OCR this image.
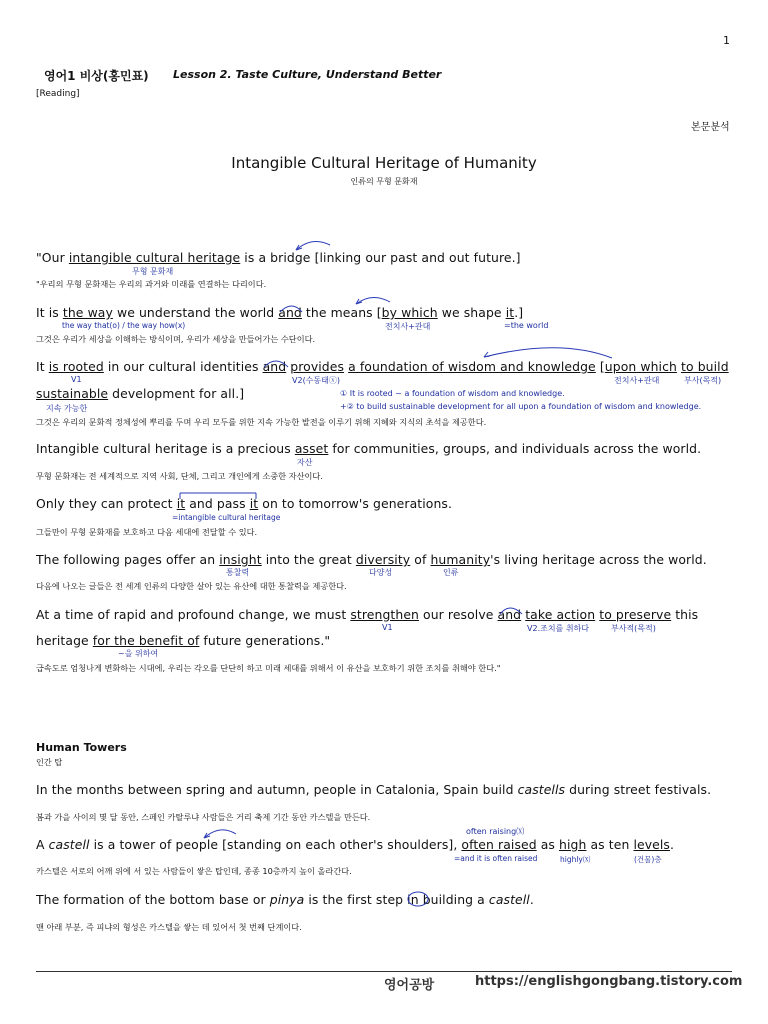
1
영어1 비상(홍민표) Lesson 2. Taste Culture, Understand Better
[Reading]
본문분석
Intangible Cultural Heritage of Humanity
인류의 무형 문화재
"Our intangible cultural heritage is a bridge [linking our past and out future.]
무형 문화재
"우리의 무형 문화재는 우리의 과거와 미래를 연결하는 다리이다.
It is the way we understand the world and the means [by which we shape it.]
the way that(o) / the way how(x)	전치사+관대	=the world
그것은 우리가 세상을 이해하는 방식이며, 우리가 세상을 만들어가는 수단이다.
It is rooted in our cultural identities and provides a foundation of wisdom and knowledge [upon which to build
V1	V2(수동태ⓧ)	전치사+관대	부사(목적)
sustainable development for all.]	① It is rooted ~ a foundation of wisdom and knowledge.
지속 가능한	+② to build sustainable development for all upon a foundation of wisdom and knowledge.
그것은 우리의 문화적 정체성에 뿌리를 두며 우리 모두를 위한 지속 가능한 발전을 이루기 위해 지혜와 지식의 초석을 제공한다.
Intangible cultural heritage is a precious asset for communities, groups, and individuals across the world.
자산
무형 문화재는 전 세계적으로 지역 사회, 단체, 그리고 개인에게 소중한 자산이다.
Only they can protect it and pass it on to tomorrow's generations.
=intangible cultural heritage
그들만이 무형 문화재를 보호하고 다음 세대에 전달할 수 있다.
The following pages offer an insight into the great diversity of humanity's living heritage across the world.
통찰력	다양성	인류
다음에 나오는 글들은 전 세계 인류의 다양한 살아 있는 유산에 대한 통찰력을 제공한다.
At a time of rapid and profound change, we must strengthen our resolve and take action to preserve this
V1	V2.조치를 취하다	부사적(목적)
heritage for the benefit of future generations."
~을 위하여
급속도로 엄청나게 변화하는 시대에, 우리는 각오를 단단히 하고 미래 세대를 위해서 이 유산을 보호하기 위한 조치를 취해야 한다."
Human Towers
인간 탑
In the months between spring and autumn, people in Catalonia, Spain build castells during street festivals.
봄과 가을 사이의 몇 달 동안, 스페인 카탈루냐 사람들은 거리 축제 기간 동안 카스텔을 만든다.
often raising⒳
A castell is a tower of people [standing on each other's shoulders], often raised as high as ten levels.
=and it is often raised	highly⒳	(건물)층
카스텔은 서로의 어깨 위에 서 있는 사람들이 쌓은 탑인데, 종종 10층까지 높이 올라간다.
The formation of the bottom base or pinya is the first step in building a castell.
맨 아래 부분, 즉 피냐의 형성은 카스텔을 쌓는 데 있어서 첫 번째 단계이다.
영어공방	https://englishgongbang.tistory.com
